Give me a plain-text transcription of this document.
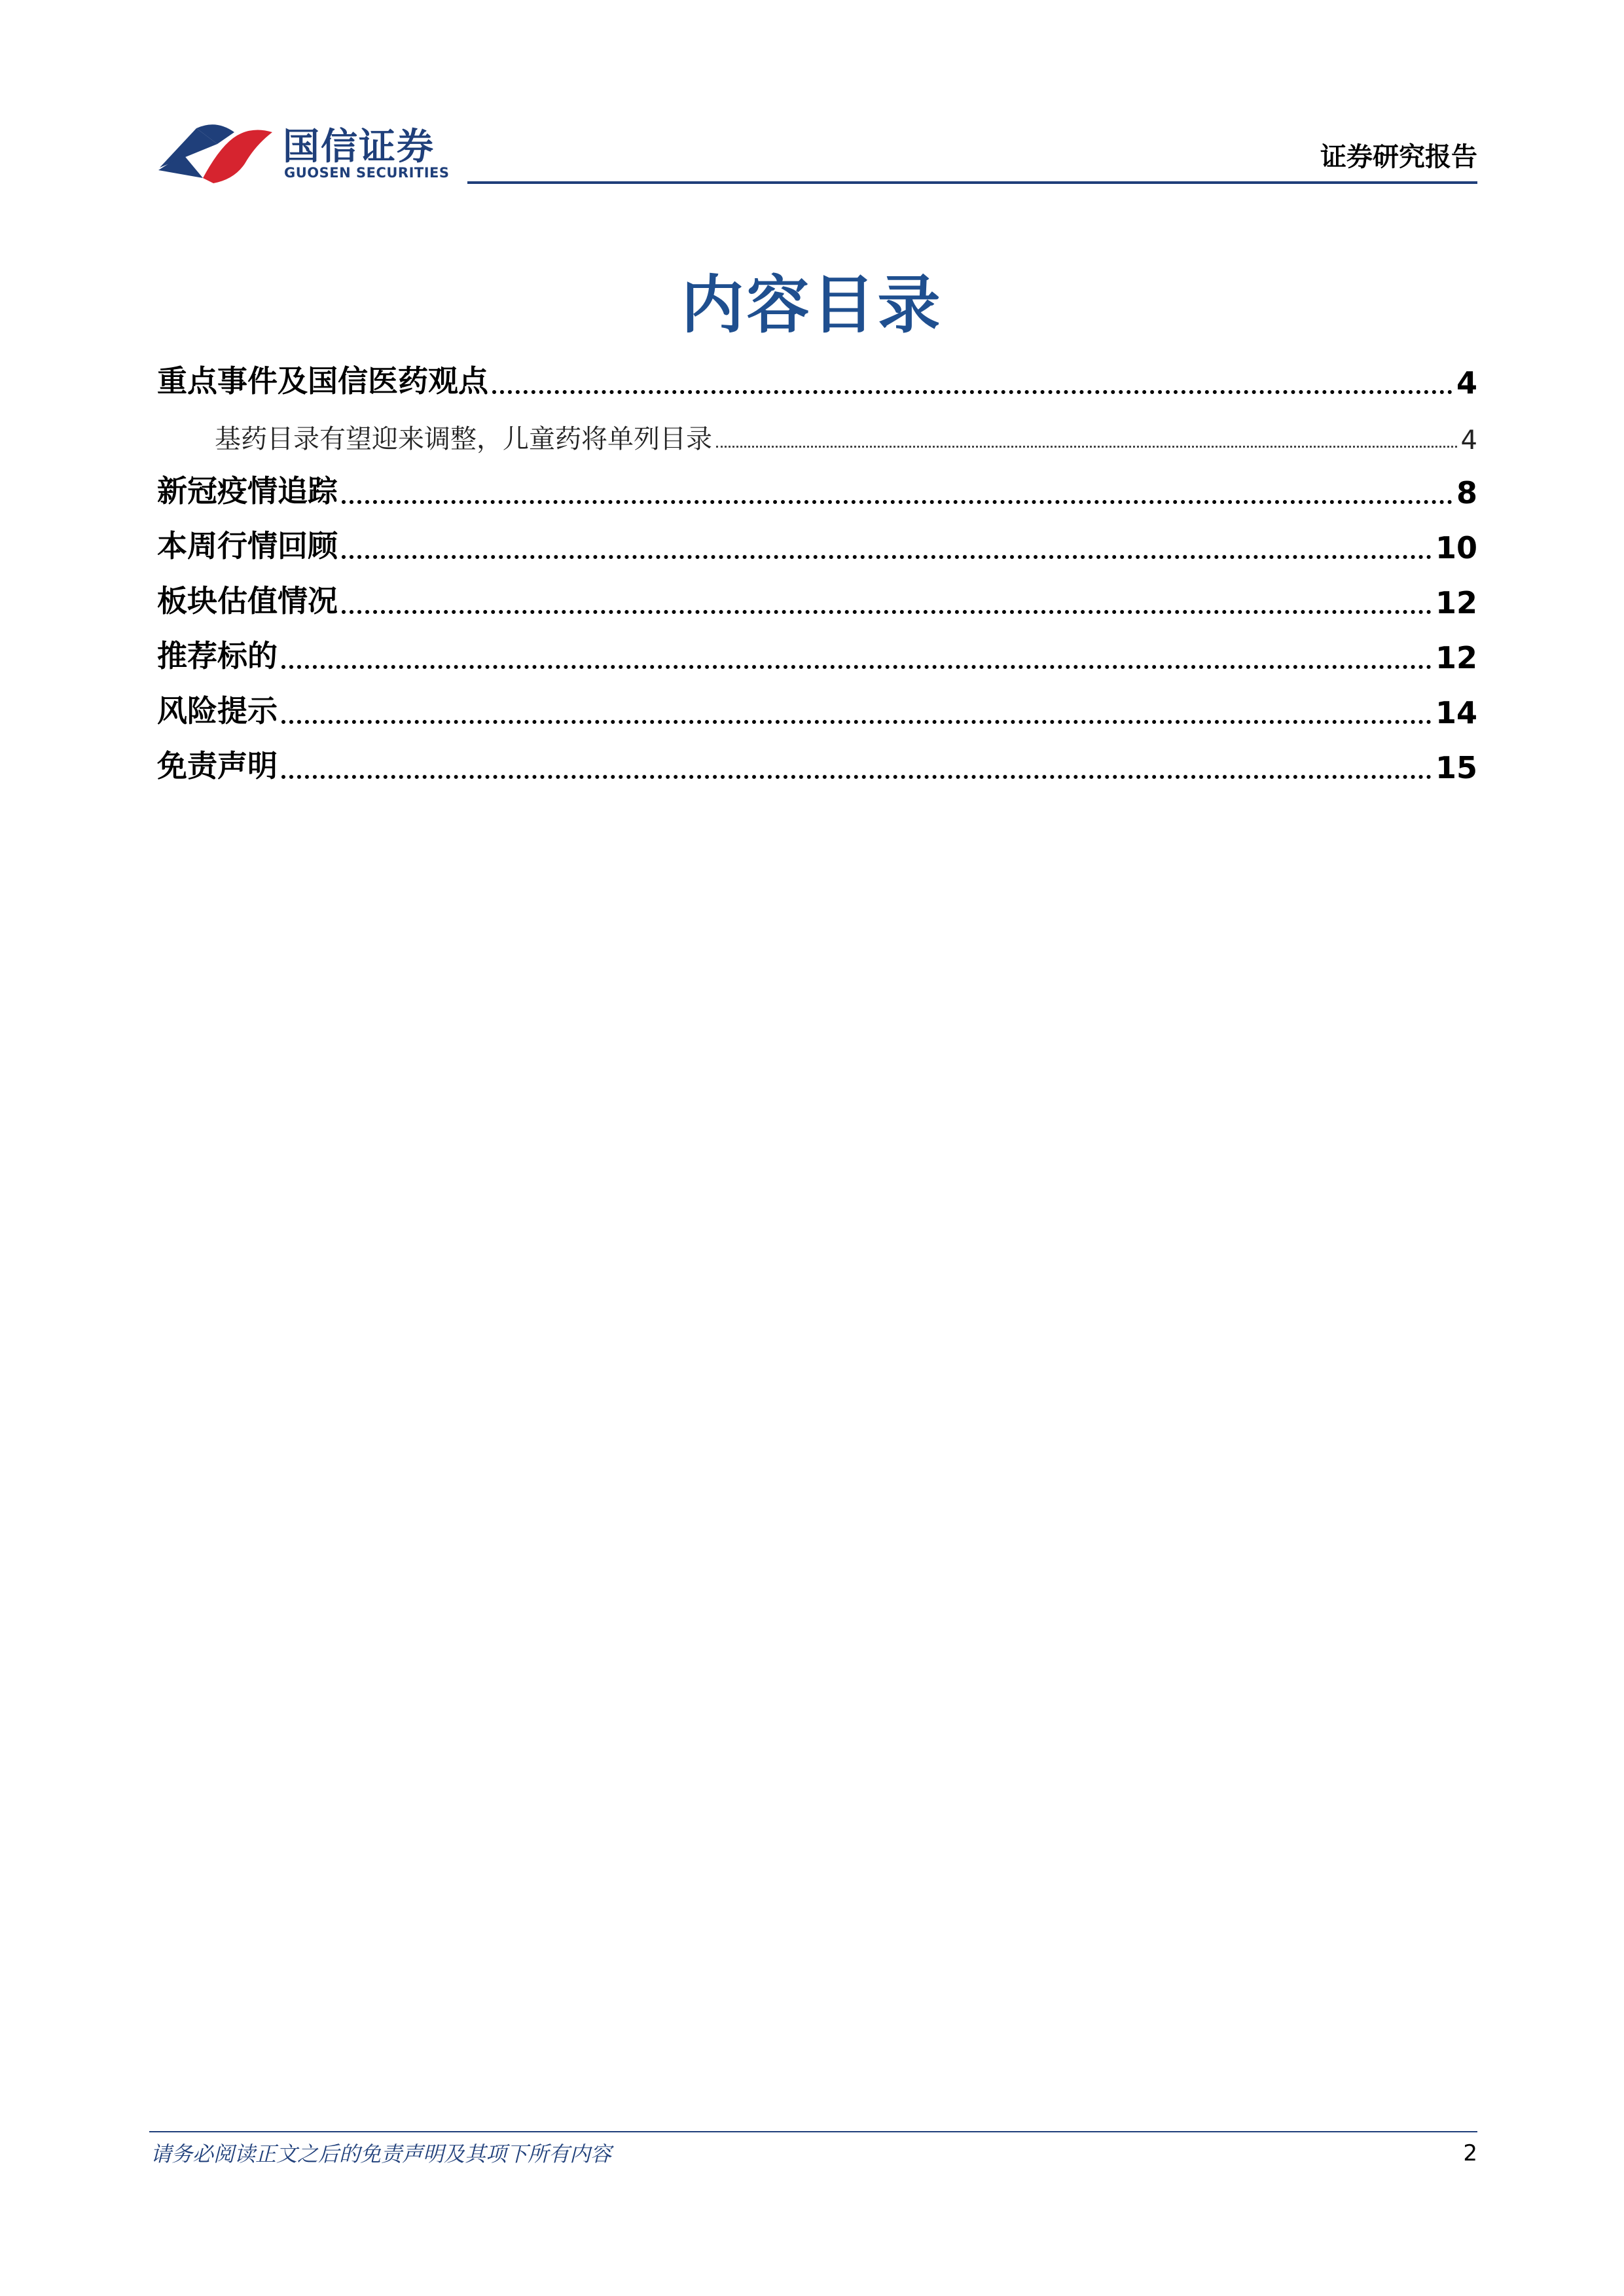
国信证券
GUOSEN SECURITIES
证券研究报告
内容目录
重点事件及国信医药观点	4
基药目录有望迎来调整，儿童药将单列目录	4
新冠疫情追踪	8
本周行情回顾	10
板块估值情况	12
推荐标的	12
风险提示	14
免责声明	15
请务必阅读正文之后的免责声明及其项下所有内容	2
